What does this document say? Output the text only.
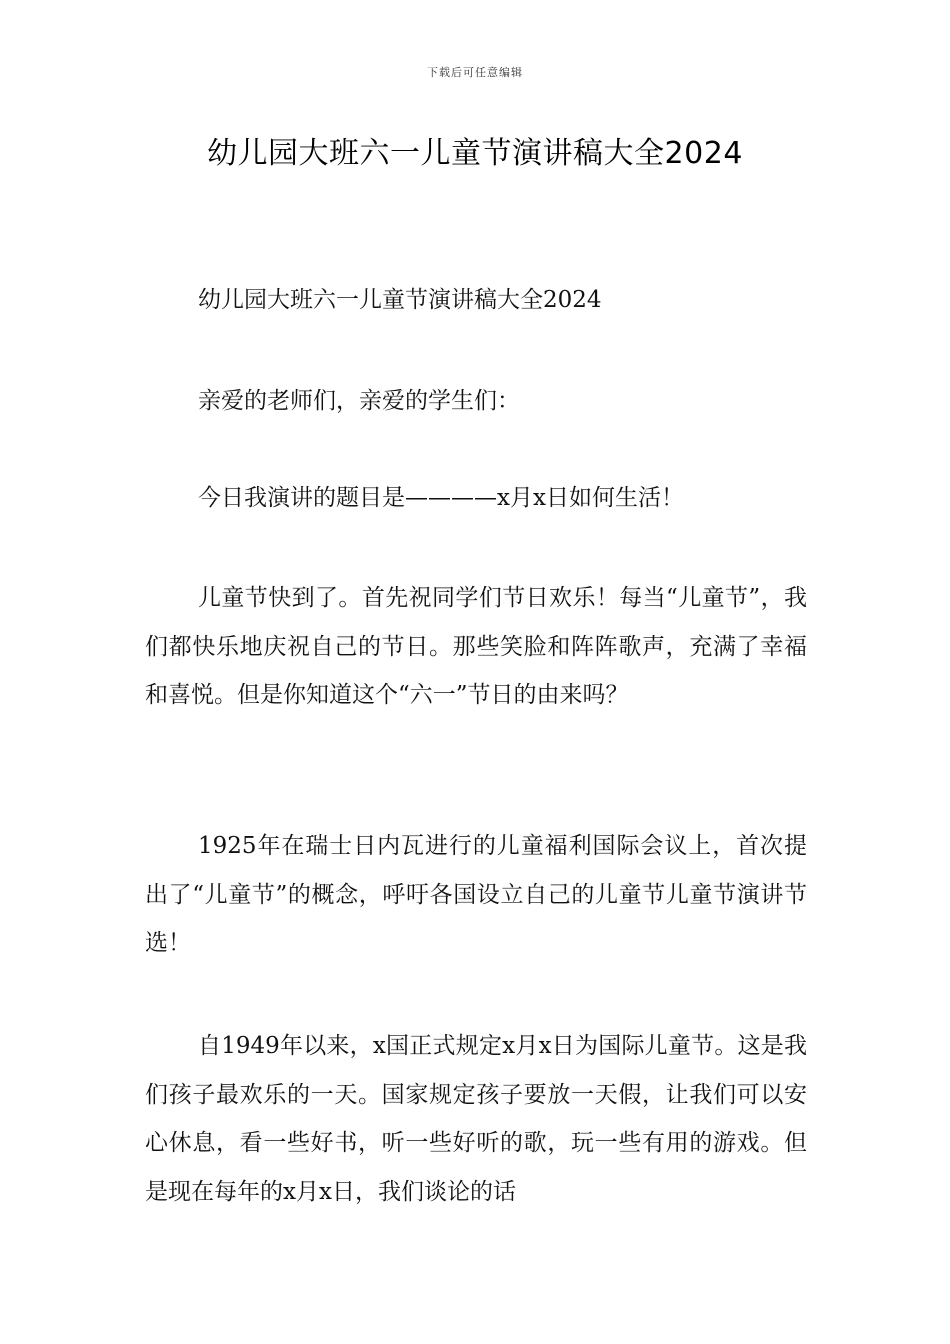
下载后可任意编辑
幼儿园大班六一儿童节演讲稿大全2024

幼儿园大班六一儿童节演讲稿大全2024

亲爱的老师们，亲爱的学生们：

今日我演讲的题目是————x月x日如何生活！

儿童节快到了。首先祝同学们节日欢乐！每当“儿童节”，我们都快乐地庆祝自己的节日。那些笑脸和阵阵歌声，充满了幸福和喜悦。但是你知道这个“六一”节日的由来吗？

1925年在瑞士日内瓦进行的儿童福利国际会议上，首次提出了“儿童节”的概念，呼吁各国设立自己的儿童节儿童节演讲节选！

自1949年以来，x国正式规定x月x日为国际儿童节。这是我们孩子最欢乐的一天。国家规定孩子要放一天假，让我们可以安心休息，看一些好书，听一些好听的歌，玩一些有用的游戏。但是现在每年的x月x日，我们谈论的话
